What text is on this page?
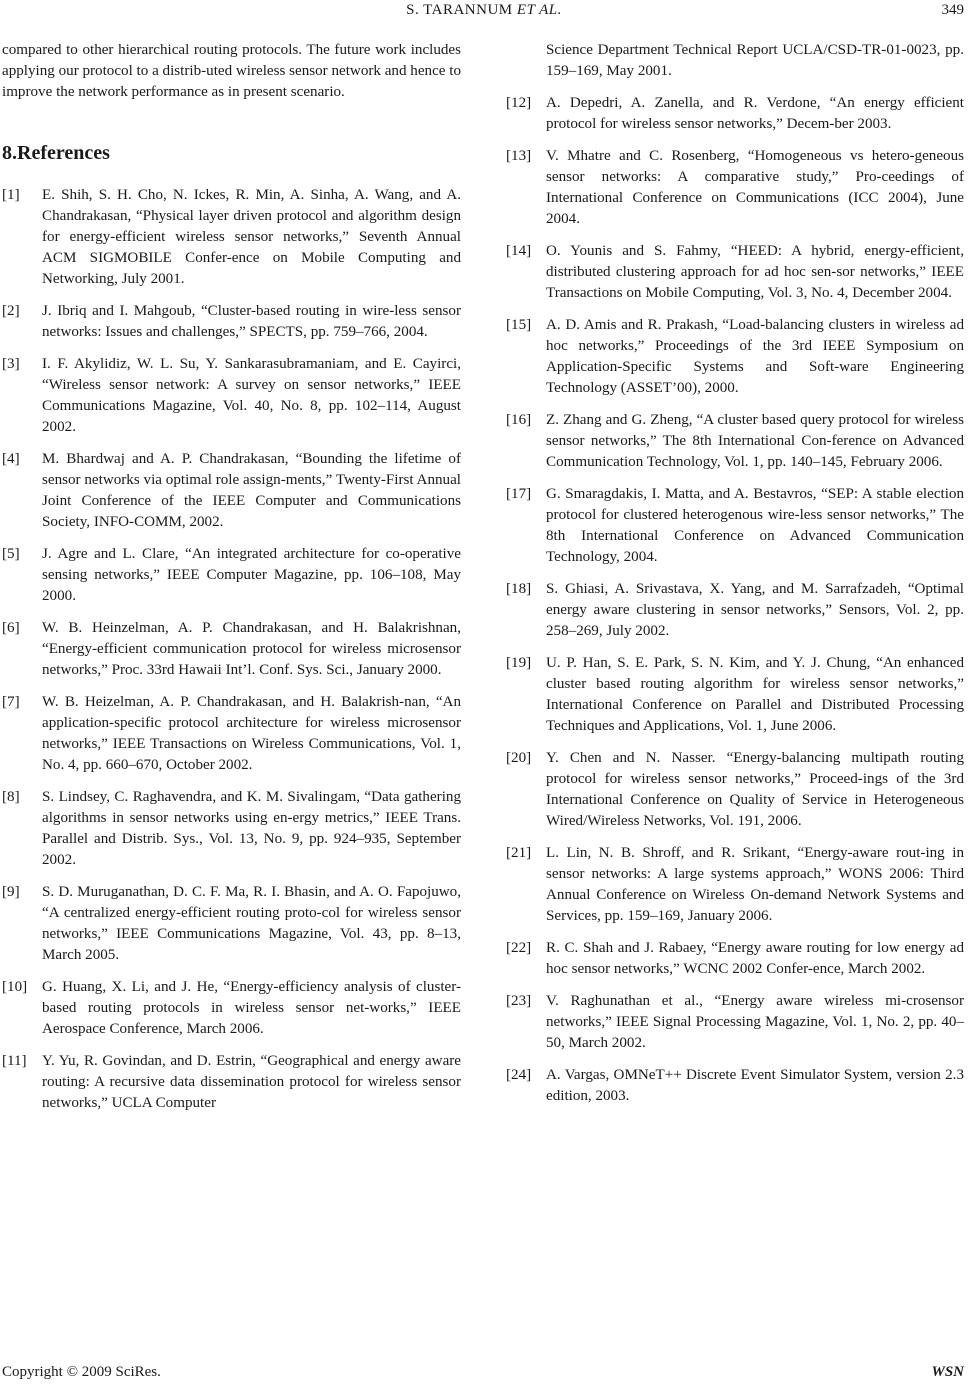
S. TARANNUM ET AL.	349

compared to other hierarchical routing protocols. The future work includes applying our protocol to a distrib-uted wireless sensor network and hence to improve the network performance as in present scenario.

8.References
[1] E. Shih, S. H. Cho, N. Ickes, R. Min, A. Sinha, A. Wang, and A. Chandrakasan, “Physical layer driven protocol and algorithm design for energy-efficient wireless sensor networks,” Seventh Annual ACM SIGMOBILE Confer-ence on Mobile Computing and Networking, July 2001.
[2] J. Ibriq and I. Mahgoub, “Cluster-based routing in wire-less sensor networks: Issues and challenges,” SPECTS, pp. 759–766, 2004.
[3] I. F. Akylidiz, W. L. Su, Y. Sankarasubramaniam, and E. Cayirci, “Wireless sensor network: A survey on sensor networks,” IEEE Communications Magazine, Vol. 40, No. 8, pp. 102–114, August 2002.
[4] M. Bhardwaj and A. P. Chandrakasan, “Bounding the lifetime of sensor networks via optimal role assign-ments,” Twenty-First Annual Joint Conference of the IEEE Computer and Communications Society, INFO-COMM, 2002.
[5] J. Agre and L. Clare, “An integrated architecture for co-operative sensing networks,” IEEE Computer Magazine, pp. 106–108, May 2000.
[6] W. B. Heinzelman, A. P. Chandrakasan, and H. Balakrishnan, “Energy-efficient communication protocol for wireless microsensor networks,” Proc. 33rd Hawaii Int’l. Conf. Sys. Sci., January 2000.
[7] W. B. Heizelman, A. P. Chandrakasan, and H. Balakrish-nan, “An application-specific protocol architecture for wireless microsensor networks,” IEEE Transactions on Wireless Communications, Vol. 1, No. 4, pp. 660–670, October 2002.
[8] S. Lindsey, C. Raghavendra, and K. M. Sivalingam, “Data gathering algorithms in sensor networks using en-ergy metrics,” IEEE Trans. Parallel and Distrib. Sys., Vol. 13, No. 9, pp. 924–935, September 2002.
[9] S. D. Muruganathan, D. C. F. Ma, R. I. Bhasin, and A. O. Fapojuwo, “A centralized energy-efficient routing proto-col for wireless sensor networks,” IEEE Communications Magazine, Vol. 43, pp. 8–13, March 2005.
[10] G. Huang, X. Li, and J. He, “Energy-efficiency analysis of cluster-based routing protocols in wireless sensor net-works,” IEEE Aerospace Conference, March 2006.
[11] Y. Yu, R. Govindan, and D. Estrin, “Geographical and energy aware routing: A recursive data dissemination protocol for wireless sensor networks,” UCLA Computer
Science Department Technical Report UCLA/CSD-TR-01-0023, pp. 159–169, May 2001.
[12] A. Depedri, A. Zanella, and R. Verdone, “An energy efficient protocol for wireless sensor networks,” Decem-ber 2003.
[13] V. Mhatre and C. Rosenberg, “Homogeneous vs hetero-geneous sensor networks: A comparative study,” Pro-ceedings of International Conference on Communications (ICC 2004), June 2004.
[14] O. Younis and S. Fahmy, “HEED: A hybrid, energy-efficient, distributed clustering approach for ad hoc sen-sor networks,” IEEE Transactions on Mobile Computing, Vol. 3, No. 4, December 2004.
[15] A. D. Amis and R. Prakash, “Load-balancing clusters in wireless ad hoc networks,” Proceedings of the 3rd IEEE Symposium on Application-Specific Systems and Soft-ware Engineering Technology (ASSET’00), 2000.
[16] Z. Zhang and G. Zheng, “A cluster based query protocol for wireless sensor networks,” The 8th International Con-ference on Advanced Communication Technology, Vol. 1, pp. 140–145, February 2006.
[17] G. Smaragdakis, I. Matta, and A. Bestavros, “SEP: A stable election protocol for clustered heterogenous wire-less sensor networks,” The 8th International Conference on Advanced Communication Technology, 2004.
[18] S. Ghiasi, A. Srivastava, X. Yang, and M. Sarrafzadeh, “Optimal energy aware clustering in sensor networks,” Sensors, Vol. 2, pp. 258–269, July 2002.
[19] U. P. Han, S. E. Park, S. N. Kim, and Y. J. Chung, “An enhanced cluster based routing algorithm for wireless sensor networks,” International Conference on Parallel and Distributed Processing Techniques and Applications, Vol. 1, June 2006.
[20] Y. Chen and N. Nasser. “Energy-balancing multipath routing protocol for wireless sensor networks,” Proceed-ings of the 3rd International Conference on Quality of Service in Heterogeneous Wired/Wireless Networks, Vol. 191, 2006.
[21] L. Lin, N. B. Shroff, and R. Srikant, “Energy-aware rout-ing in sensor networks: A large systems approach,” WONS 2006: Third Annual Conference on Wireless On-demand Network Systems and Services, pp. 159–169, January 2006.
[22] R. C. Shah and J. Rabaey, “Energy aware routing for low energy ad hoc sensor networks,” WCNC 2002 Confer-ence, March 2002.
[23] V. Raghunathan et al., “Energy aware wireless mi-crosensor networks,” IEEE Signal Processing Magazine, Vol. 1, No. 2, pp. 40–50, March 2002.
[24] A. Vargas, OMNeT++ Discrete Event Simulator System, version 2.3 edition, 2003.
Copyright © 2009 SciRes.	WSN
